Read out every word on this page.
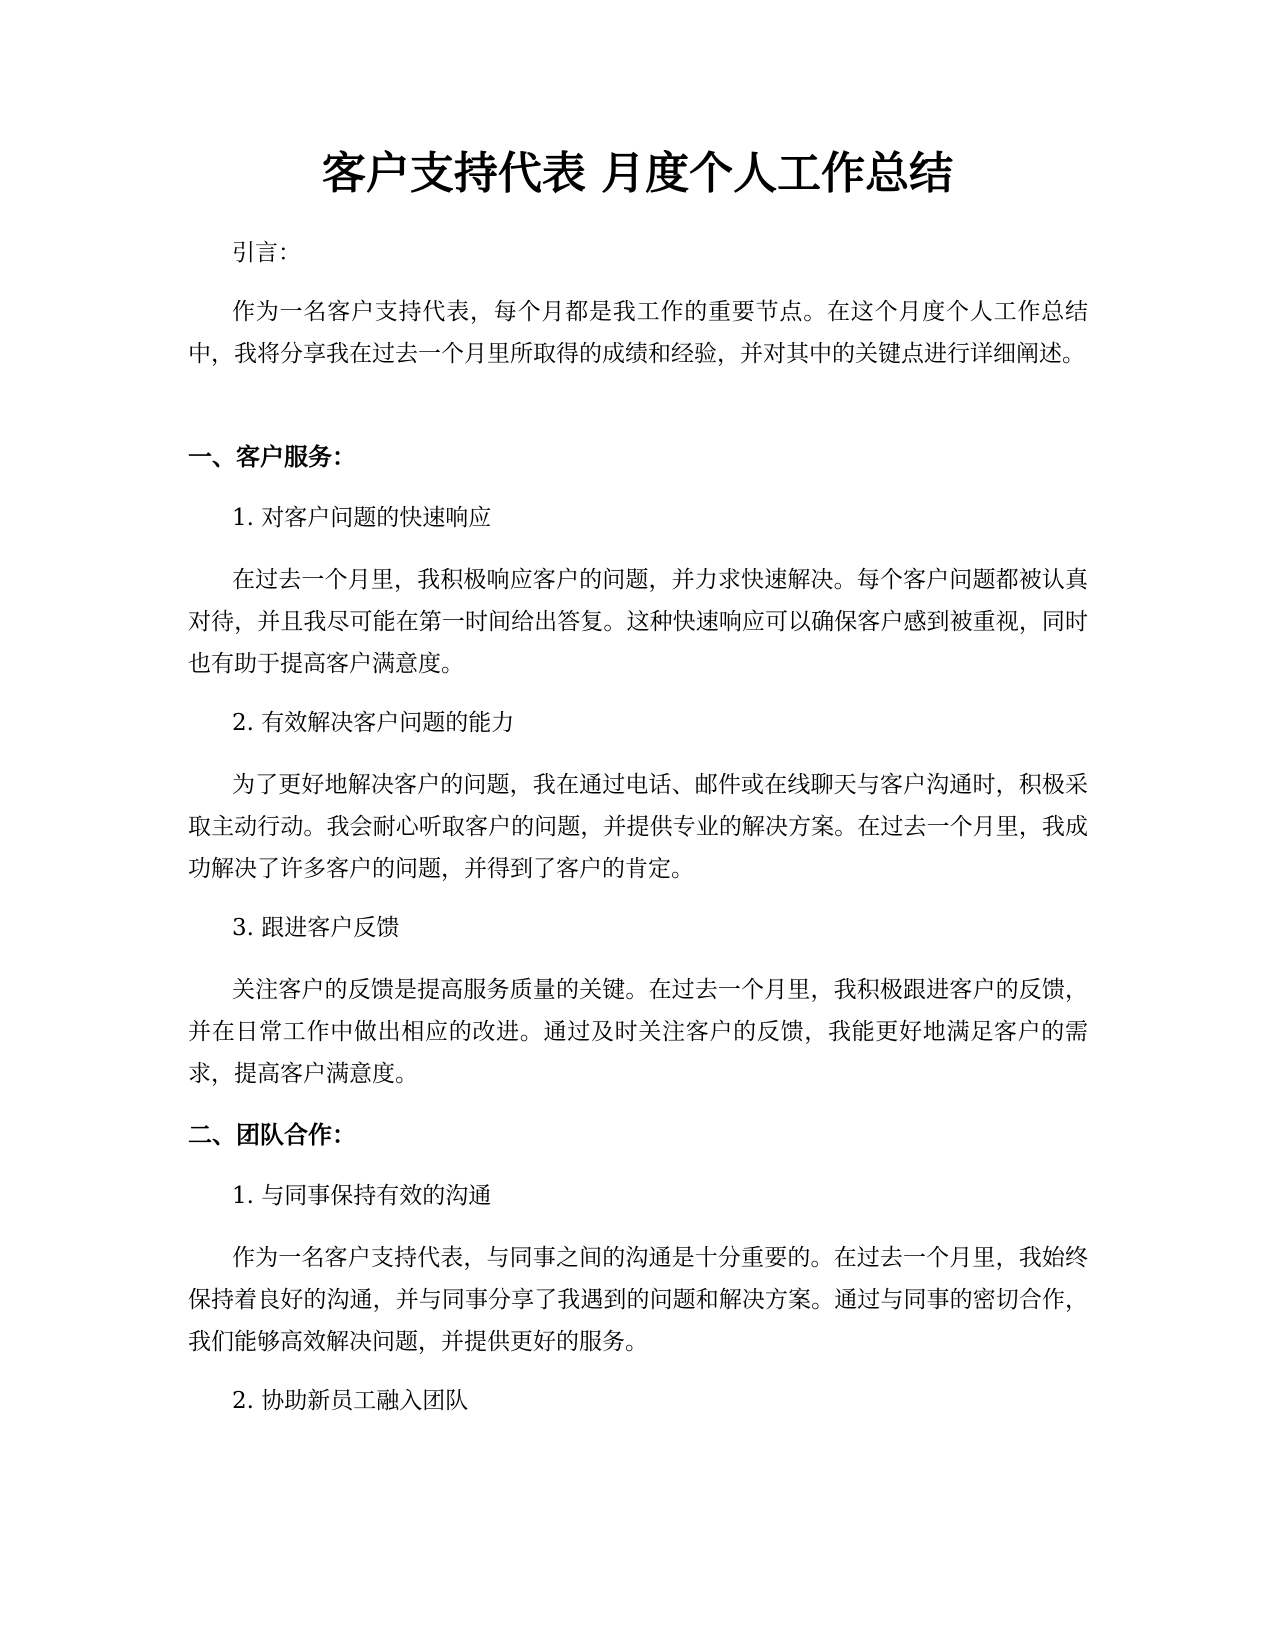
客户支持代表 月度个人工作总结

引言：

作为一名客户支持代表，每个月都是我工作的重要节点。在这个月度个人工作总结中，我将分享我在过去一个月里所取得的成绩和经验，并对其中的关键点进行详细阐述。

一、客户服务：

1. 对客户问题的快速响应

在过去一个月里，我积极响应客户的问题，并力求快速解决。每个客户问题都被认真对待，并且我尽可能在第一时间给出答复。这种快速响应可以确保客户感到被重视，同时也有助于提高客户满意度。

2. 有效解决客户问题的能力

为了更好地解决客户的问题，我在通过电话、邮件或在线聊天与客户沟通时，积极采取主动行动。我会耐心听取客户的问题，并提供专业的解决方案。在过去一个月里，我成功解决了许多客户的问题，并得到了客户的肯定。

3. 跟进客户反馈

关注客户的反馈是提高服务质量的关键。在过去一个月里，我积极跟进客户的反馈，并在日常工作中做出相应的改进。通过及时关注客户的反馈，我能更好地满足客户的需求，提高客户满意度。

二、团队合作：

1. 与同事保持有效的沟通

作为一名客户支持代表，与同事之间的沟通是十分重要的。在过去一个月里，我始终保持着良好的沟通，并与同事分享了我遇到的问题和解决方案。通过与同事的密切合作，我们能够高效解决问题，并提供更好的服务。

2. 协助新员工融入团队
